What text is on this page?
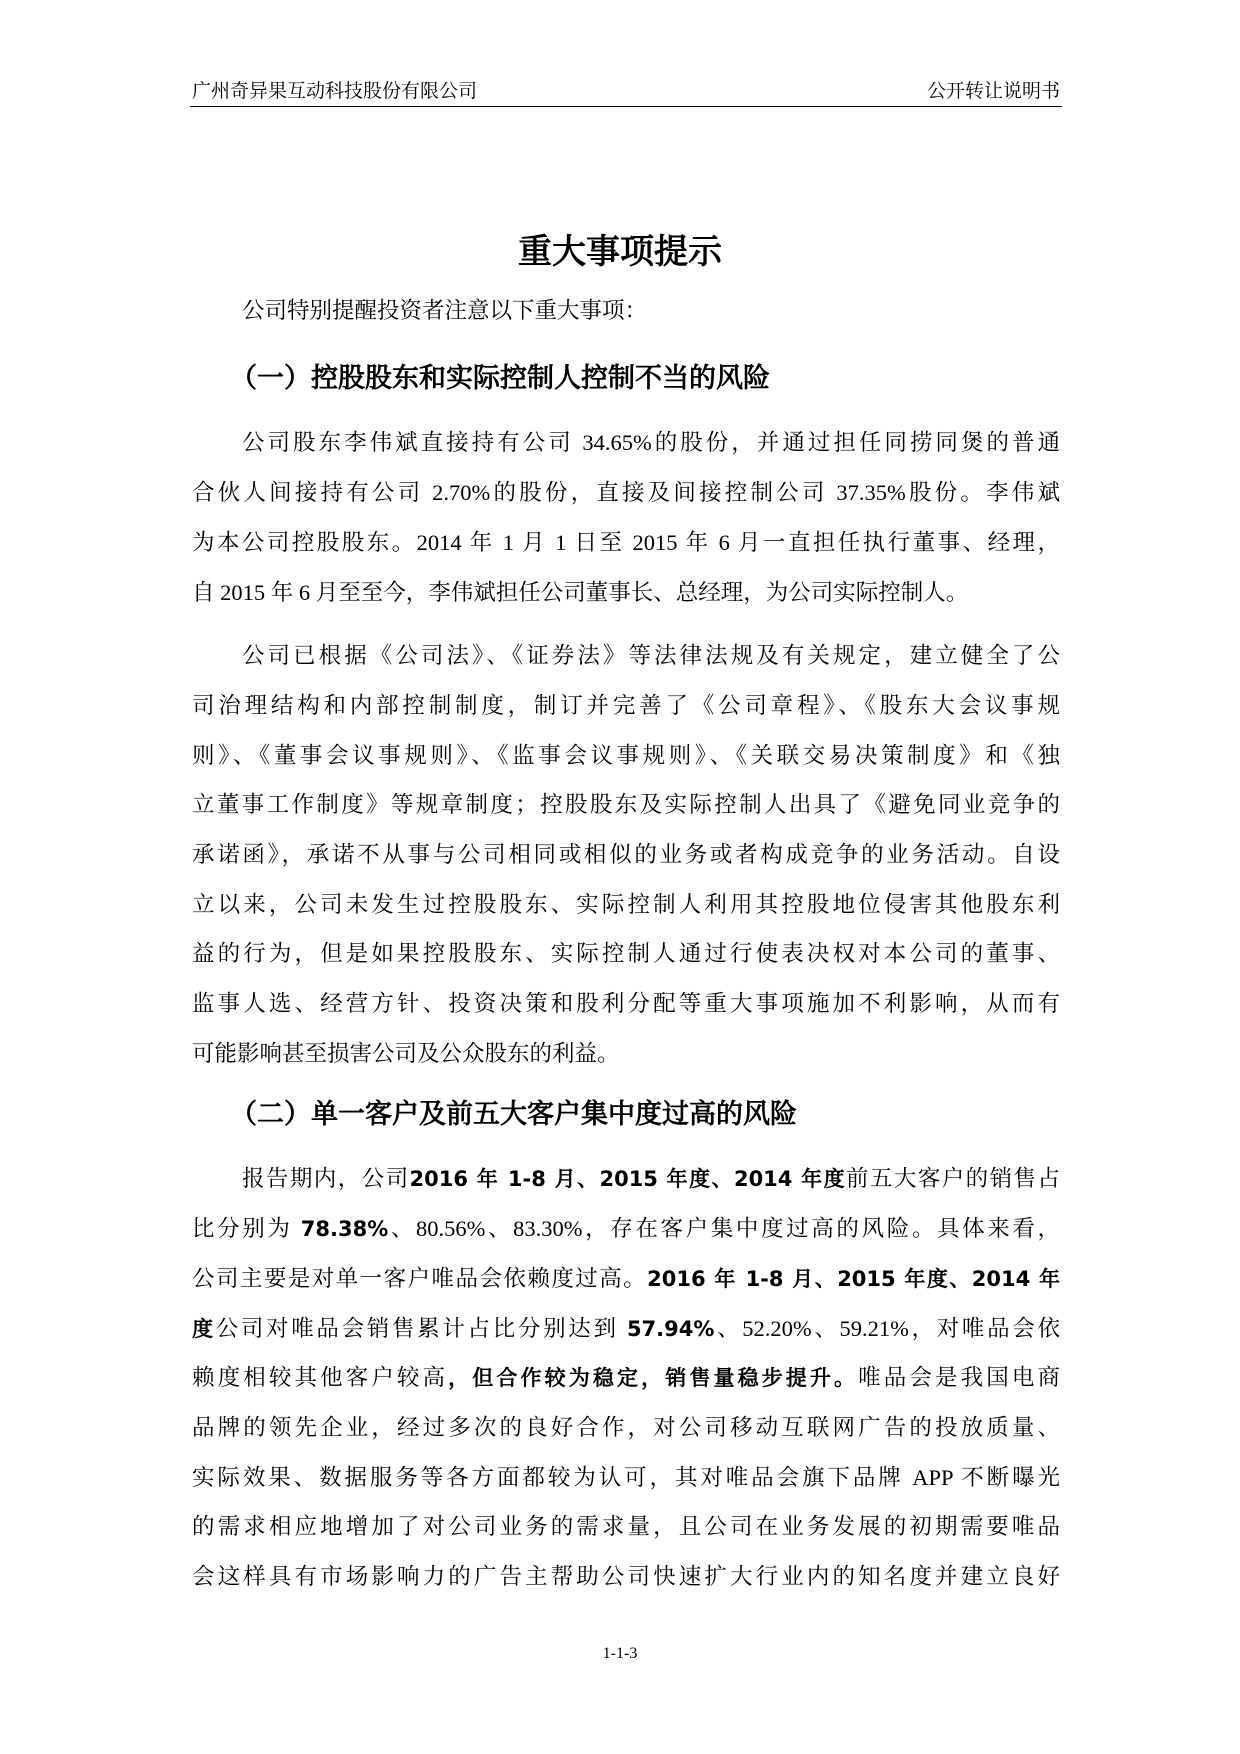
广州奇异果互动科技股份有限公司	公开转让说明书
重大事项提示
公司特别提醒投资者注意以下重大事项：
（一）控股股东和实际控制人控制不当的风险
（二）单一客户及前五大客户集中度过高的风险
公司股东李伟斌直接持有公司 34.65%的股份，并通过担任同捞同煲的普通
合伙人间接持有公司 2.70%的股份，直接及间接控制公司 37.35%股份。李伟斌
为本公司控股股东。2014 年 1 月 1 日至 2015 年 6 月一直担任执行董事、经理，
自 2015 年 6 月至至今，李伟斌担任公司董事长、总经理，为公司实际控制人。
公司已根据《公司法》、《证券法》等法律法规及有关规定，建立健全了公
司治理结构和内部控制制度，制订并完善了《公司章程》、《股东大会议事规
则》、《董事会议事规则》、《监事会议事规则》、《关联交易决策制度》和《独
立董事工作制度》等规章制度；控股股东及实际控制人出具了《避免同业竞争的
承诺函》，承诺不从事与公司相同或相似的业务或者构成竞争的业务活动。自设
立以来，公司未发生过控股股东、实际控制人利用其控股地位侵害其他股东利
益的行为，但是如果控股股东、实际控制人通过行使表决权对本公司的董事、
监事人选、经营方针、投资决策和股利分配等重大事项施加不利影响，从而有
可能影响甚至损害公司及公众股东的利益。
报告期内，公司2016 年 1-8 月、2015 年度、2014 年度前五大客户的销售占
比分别为 78.38%、80.56%、83.30%，存在客户集中度过高的风险。具体来看，
公司主要是对单一客户唯品会依赖度过高。2016 年 1-8 月、2015 年度、2014 年
度公司对唯品会销售累计占比分别达到 57.94%、52.20%、59.21%，对唯品会依
赖度相较其他客户较高，但合作较为稳定，销售量稳步提升。唯品会是我国电商
品牌的领先企业，经过多次的良好合作，对公司移动互联网广告的投放质量、
实际效果、数据服务等各方面都较为认可，其对唯品会旗下品牌 APP 不断曝光
的需求相应地增加了对公司业务的需求量，且公司在业务发展的初期需要唯品
会这样具有市场影响力的广告主帮助公司快速扩大行业内的知名度并建立良好
1-1-3
